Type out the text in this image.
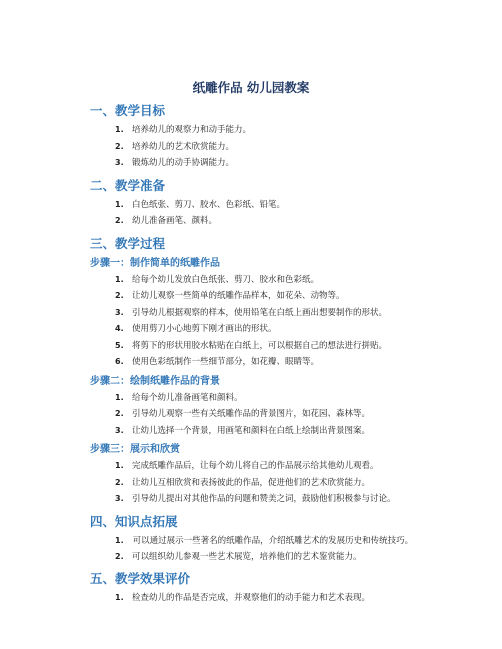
纸雕作品 幼儿园教案
一、教学目标
1. 培养幼儿的观察力和动手能力。
2. 培养幼儿的艺术欣赏能力。
3. 锻炼幼儿的动手协调能力。
二、教学准备
1. 白色纸张、剪刀、胶水、色彩纸、铅笔。
2. 幼儿准备画笔、颜料。
三、教学过程
步骤一：制作简单的纸雕作品
1. 给每个幼儿发放白色纸张、剪刀、胶水和色彩纸。
2. 让幼儿观察一些简单的纸雕作品样本，如花朵、动物等。
3. 引导幼儿根据观察的样本，使用铅笔在白纸上画出想要制作的形状。
4. 使用剪刀小心地剪下刚才画出的形状。
5. 将剪下的形状用胶水粘贴在白纸上，可以根据自己的想法进行拼贴。
6. 使用色彩纸制作一些细节部分，如花瓣、眼睛等。
步骤二：绘制纸雕作品的背景
1. 给每个幼儿准备画笔和颜料。
2. 引导幼儿观察一些有关纸雕作品的背景图片，如花园、森林等。
3. 让幼儿选择一个背景，用画笔和颜料在白纸上绘制出背景图案。
步骤三：展示和欣赏
1. 完成纸雕作品后，让每个幼儿将自己的作品展示给其他幼儿观看。
2. 让幼儿互相欣赏和表扬彼此的作品，促进他们的艺术欣赏能力。
3. 引导幼儿提出对其他作品的问题和赞美之词，鼓励他们积极参与讨论。
四、知识点拓展
1. 可以通过展示一些著名的纸雕作品，介绍纸雕艺术的发展历史和传统技巧。
2. 可以组织幼儿参观一些艺术展览，培养他们的艺术鉴赏能力。
五、教学效果评价
1. 检查幼儿的作品是否完成，并观察他们的动手能力和艺术表现。
